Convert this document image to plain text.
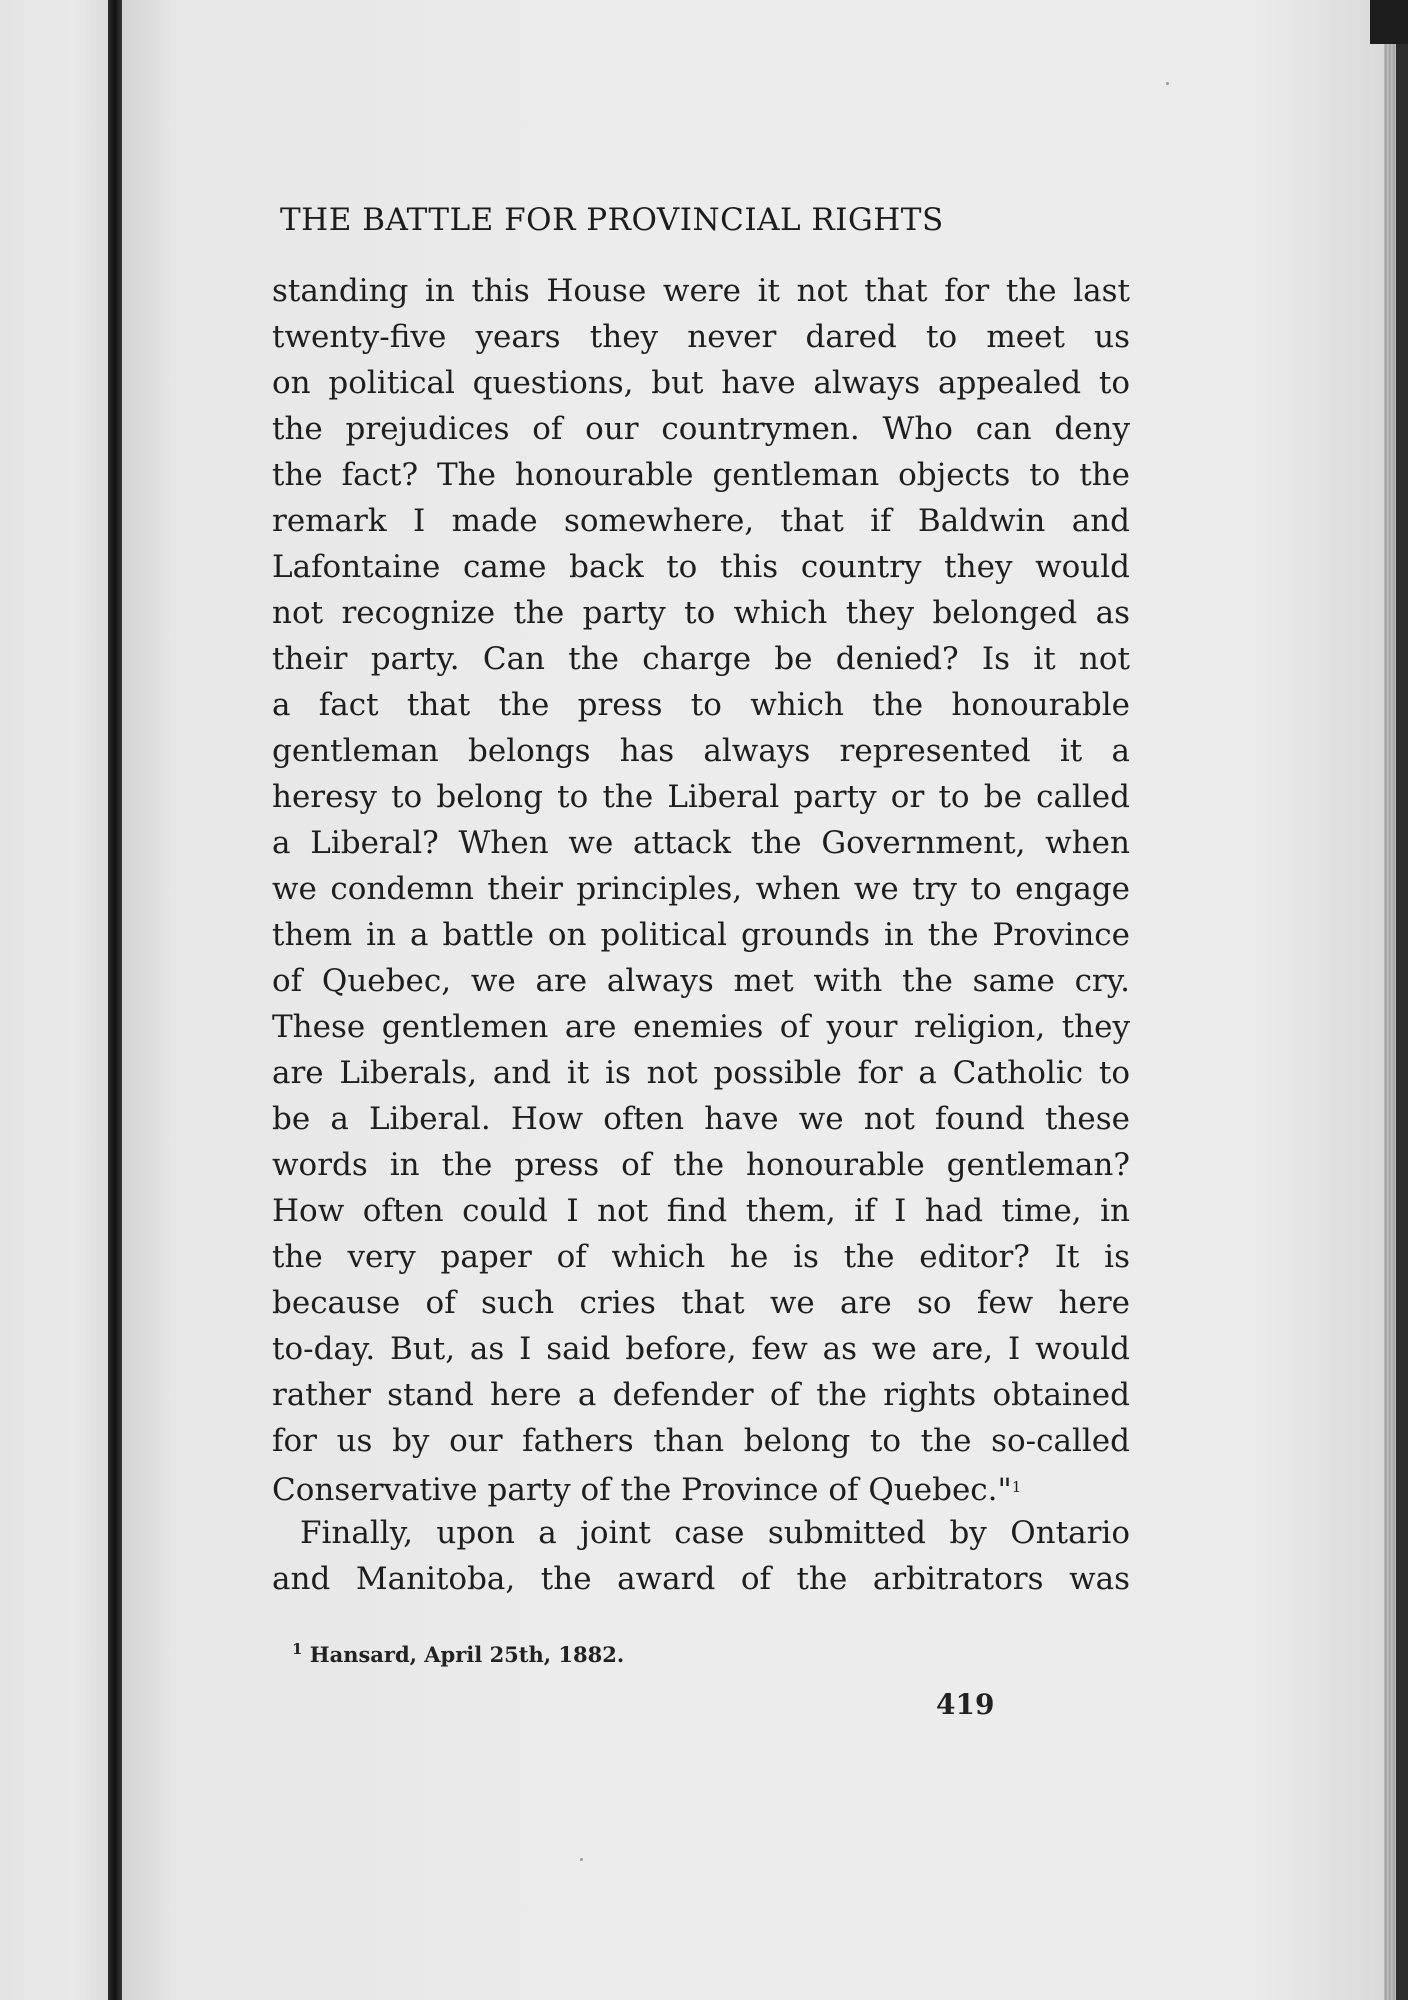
THE BATTLE FOR PROVINCIAL RIGHTS
standing in this House were it not that for the last
twenty-five years they never dared to meet us
on political questions, but have always appealed to
the prejudices of our countrymen. Who can deny
the fact? The honourable gentleman objects to the
remark I made somewhere, that if Baldwin and
Lafontaine came back to this country they would
not recognize the party to which they belonged as
their party. Can the charge be denied? Is it not
a fact that the press to which the honourable
gentleman belongs has always represented it a
heresy to belong to the Liberal party or to be called
a Liberal? When we attack the Government, when
we condemn their principles, when we try to engage
them in a battle on political grounds in the Province
of Quebec, we are always met with the same cry.
These gentlemen are enemies of your religion, they
are Liberals, and it is not possible for a Catholic to
be a Liberal. How often have we not found these
words in the press of the honourable gentleman?
How often could I not find them, if I had time, in
the very paper of which he is the editor? It is
because of such cries that we are so few here
to-day. But, as I said before, few as we are, I would
rather stand here a defender of the rights obtained
for us by our fathers than belong to the so-called
Conservative party of the Province of Quebec."$^1$
Finally, upon a joint case submitted by Ontario
and Manitoba, the award of the arbitrators was
$^1$ Hansard, April 25th, 1882.
419
